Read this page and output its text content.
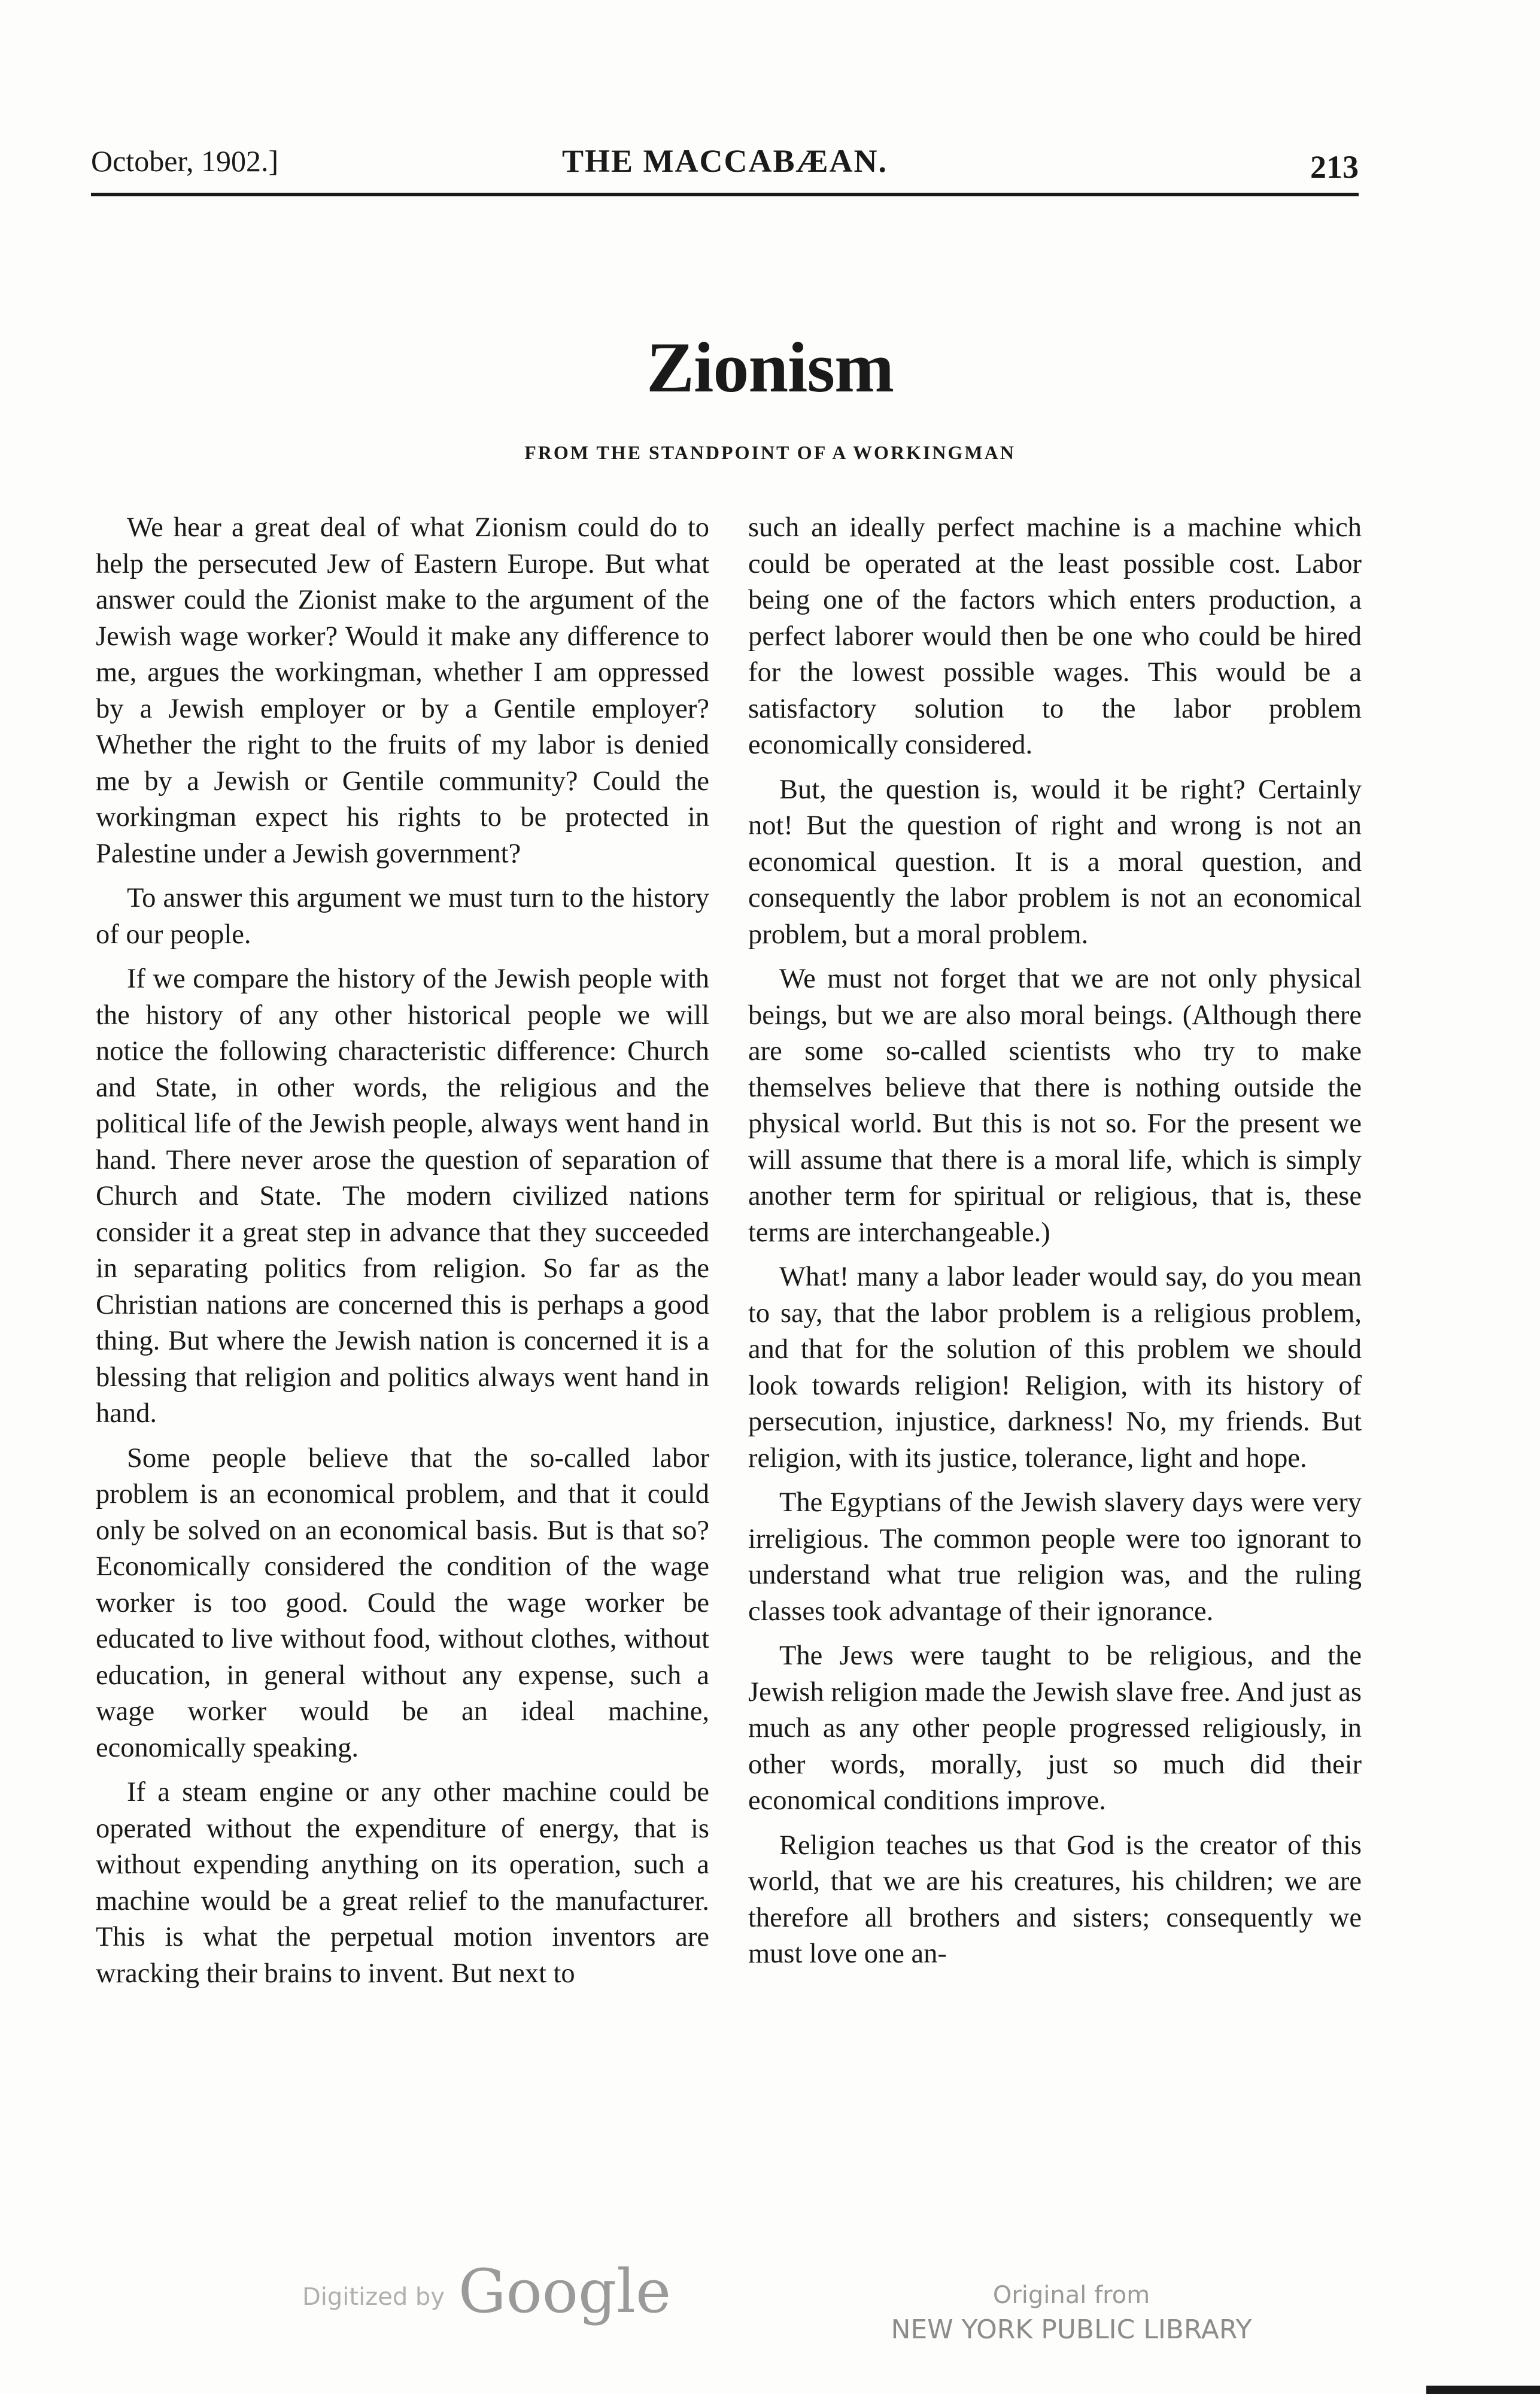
October, 1902.]	THE MACCABÆAN.	213
Zionism
FROM THE STANDPOINT OF A WORKINGMAN

We hear a great deal of what Zionism could do to help the persecuted Jew of Eastern Europe. But what answer could the Zionist make to the argument of the Jewish wage worker? Would it make any difference to me, argues the workingman, whether I am oppressed by a Jewish employer or by a Gentile employer? Whether the right to the fruits of my labor is denied me by a Jewish or Gentile community? Could the workingman expect his rights to be protected in Palestine under a Jewish government?

To answer this argument we must turn to the history of our people.

If we compare the history of the Jewish people with the history of any other historical people we will notice the following characteristic difference: Church and State, in other words, the religious and the political life of the Jewish people, always went hand in hand. There never arose the question of separation of Church and State. The modern civilized nations consider it a great step in advance that they succeeded in separating politics from religion. So far as the Christian nations are concerned this is perhaps a good thing. But where the Jewish nation is concerned it is a blessing that religion and politics always went hand in hand.

Some people believe that the so-called labor problem is an economical problem, and that it could only be solved on an economical basis. But is that so? Economically considered the condition of the wage worker is too good. Could the wage worker be educated to live without food, without clothes, without education, in general without any expense, such a wage worker would be an ideal machine, economically speaking.

If a steam engine or any other machine could be operated without the expenditure of energy, that is without expending anything on its operation, such a machine would be a great relief to the manufacturer. This is what the perpetual motion inventors are wracking their brains to invent. But next to

such an ideally perfect machine is a machine which could be operated at the least possible cost. Labor being one of the factors which enters production, a perfect laborer would then be one who could be hired for the lowest possible wages. This would be a satisfactory solution to the labor problem economically considered.

But, the question is, would it be right? Certainly not! But the question of right and wrong is not an economical question. It is a moral question, and consequently the labor problem is not an economical problem, but a moral problem.

We must not forget that we are not only physical beings, but we are also moral beings. (Although there are some so-called scientists who try to make themselves believe that there is nothing outside the physical world. But this is not so. For the present we will assume that there is a moral life, which is simply another term for spiritual or religious, that is, these terms are interchangeable.)

What! many a labor leader would say, do you mean to say, that the labor problem is a religious problem, and that for the solution of this problem we should look towards religion! Religion, with its history of persecution, injustice, darkness! No, my friends. But religion, with its justice, tolerance, light and hope.

The Egyptians of the Jewish slavery days were very irreligious. The common people were too ignorant to understand what true religion was, and the ruling classes took advantage of their ignorance.

The Jews were taught to be religious, and the Jewish religion made the Jewish slave free. And just as much as any other people progressed religiously, in other words, morally, just so much did their economical conditions improve.

Religion teaches us that God is the creator of this world, that we are his creatures, his children; we are therefore all brothers and sisters; consequently we must love one an-

Digitized by Google	Original from
NEW YORK PUBLIC LIBRARY
